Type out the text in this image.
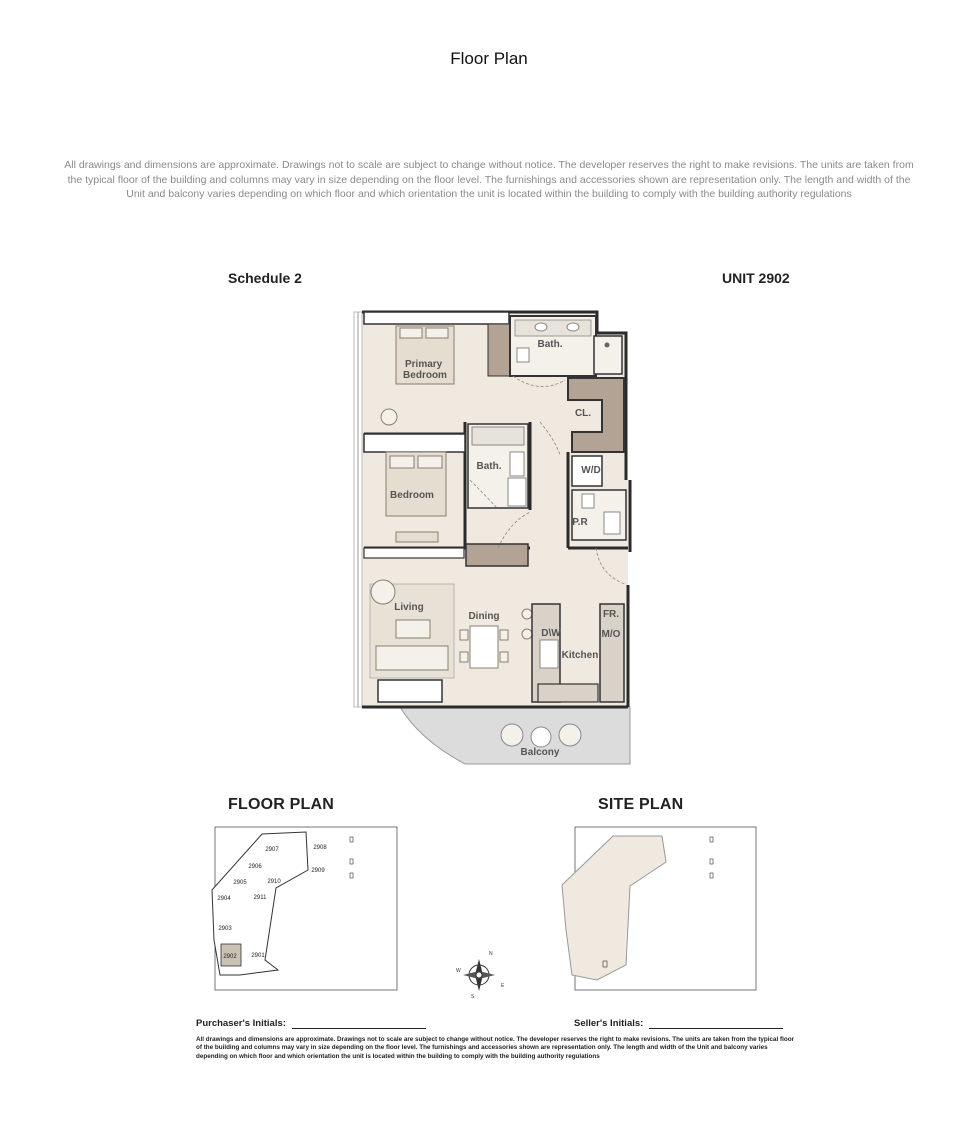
Floor Plan
All drawings and dimensions are approximate. Drawings not to scale are subject to change without notice. The developer reserves the right to make revisions. The units are taken from the typical floor of the building and columns may vary in size depending on the floor level. The furnishings and accessories shown are representation only. The length and width of the Unit and balcony varies depending on which floor and which orientation the unit is located within the building to comply with the building authority regulations
Schedule 2	UNIT 2902
Primary Bedroom
Bath.
CL.
Bath.	W/D
Bedroom
P.R
Living
Dining
D\W
FR.
M/O
Kitchen
Balcony
2908
2907
2906
2909
2905	2910
2904	2911
2903
2902 2901	N
E
S
W
FLOOR PLAN	SITE PLAN
Purchaser's Initials:	Seller's Initials:
All drawings and dimensions are approximate. Drawings not to scale are subject to change without notice. The developer reserves the right to make revisions. The units are taken from the typical floor of the building and columns may vary in size depending on the floor level. The furnishings and accessories shown are representation only. The length and width of the Unit and balcony varies depending on which floor and which orientation the unit is located within the building to comply with the building authority regulations
